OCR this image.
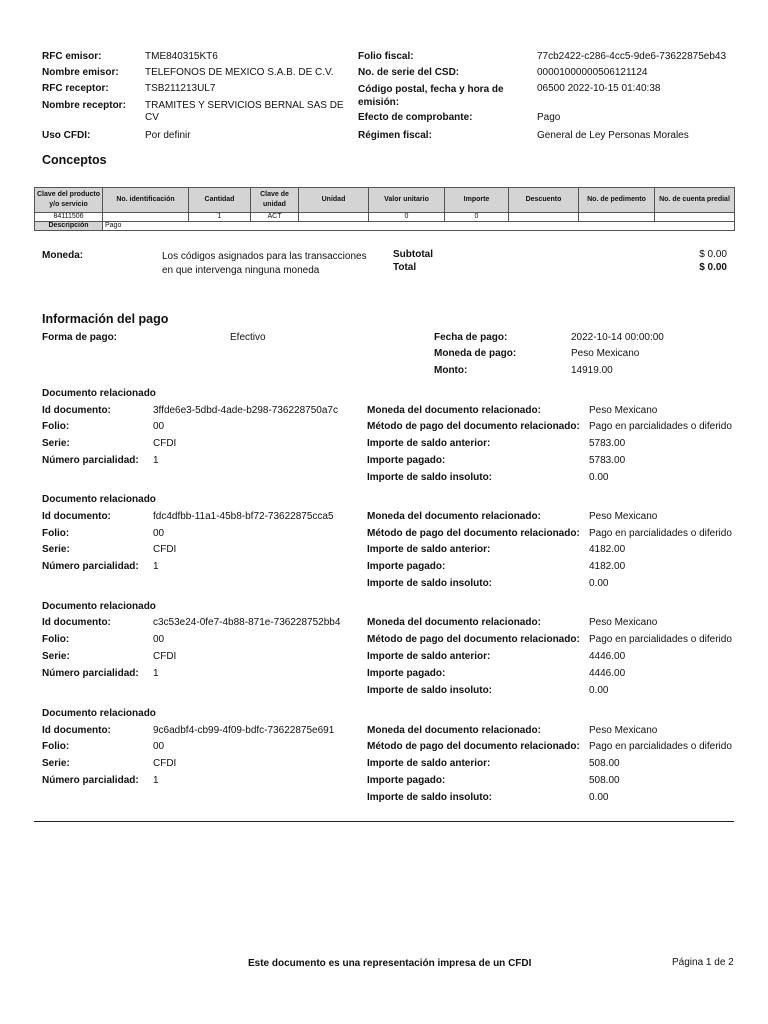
RFC emisor:	TME840315KT6
Nombre emisor:	TELEFONOS DE MEXICO S.A.B. DE C.V.
RFC receptor:	TSB211213UL7
Nombre receptor: TRAMITES Y SERVICIOS BERNAL SAS DE CV
Uso CFDI:	Por definir
Folio fiscal:	77cb2422-c286-4cc5-9de6-73622875eb43
No. de serie del CSD:	00001000000506121124
Código postal, fecha y hora de emisión:
06500 2022-10-15 01:40:38
Efecto de comprobante:	Pago
Régimen fiscal:	General de Ley Personas Morales
Conceptos
Clave del producto y/o servicio	No. identificación	Cantidad	Clave de unidad	Unidad	Valor unitario	Importe	Descuento	No. de pedimento	No. de cuenta predial
84111506		1	ACT		0	0			
Descripción	Pago								
Moneda:	Los códigos asignados para las transacciones en que intervenga ninguna moneda
Subtotal	$ 0.00
Total	$ 0.00
Información del pago
Forma de pago:	Efectivo	Fecha de pago:	2022-10-14 00:00:00
Moneda de pago:	Peso Mexicano
Monto:	14919.00
Documento relacionado
Id documento:	3ffde6e3-5dbd-4ade-b298-736228750a7c
Folio:	00
Serie:	CFDI
Número parcialidad: 1
Moneda del documento relacionado:	Peso Mexicano
Método de pago del documento relacionado: Pago en parcialidades o diferido
Importe de saldo anterior:	5783.00
Importe pagado:	5783.00
Importe de saldo insoluto:	0.00
Documento relacionado
Id documento:	fdc4dfbb-11a1-45b8-bf72-73622875cca5
Folio:	00
Serie:	CFDI
Número parcialidad: 1
Moneda del documento relacionado:	Peso Mexicano
Método de pago del documento relacionado: Pago en parcialidades o diferido
Importe de saldo anterior:	4182.00
Importe pagado:	4182.00
Importe de saldo insoluto:	0.00
Documento relacionado
Id documento:	c3c53e24-0fe7-4b88-871e-736228752bb4
Folio:	00
Serie:	CFDI
Número parcialidad: 1
Moneda del documento relacionado:	Peso Mexicano
Método de pago del documento relacionado: Pago en parcialidades o diferido
Importe de saldo anterior:	4446.00
Importe pagado:	4446.00
Importe de saldo insoluto:	0.00
Documento relacionado
Id documento:	9c6adbf4-cb99-4f09-bdfc-73622875e691
Folio:	00
Serie:	CFDI
Número parcialidad: 1
Moneda del documento relacionado:	Peso Mexicano
Método de pago del documento relacionado: Pago en parcialidades o diferido
Importe de saldo anterior:	508.00
Importe pagado:	508.00
Importe de saldo insoluto:	0.00
Este documento es una representación impresa de un CFDI	Página 1 de 2
